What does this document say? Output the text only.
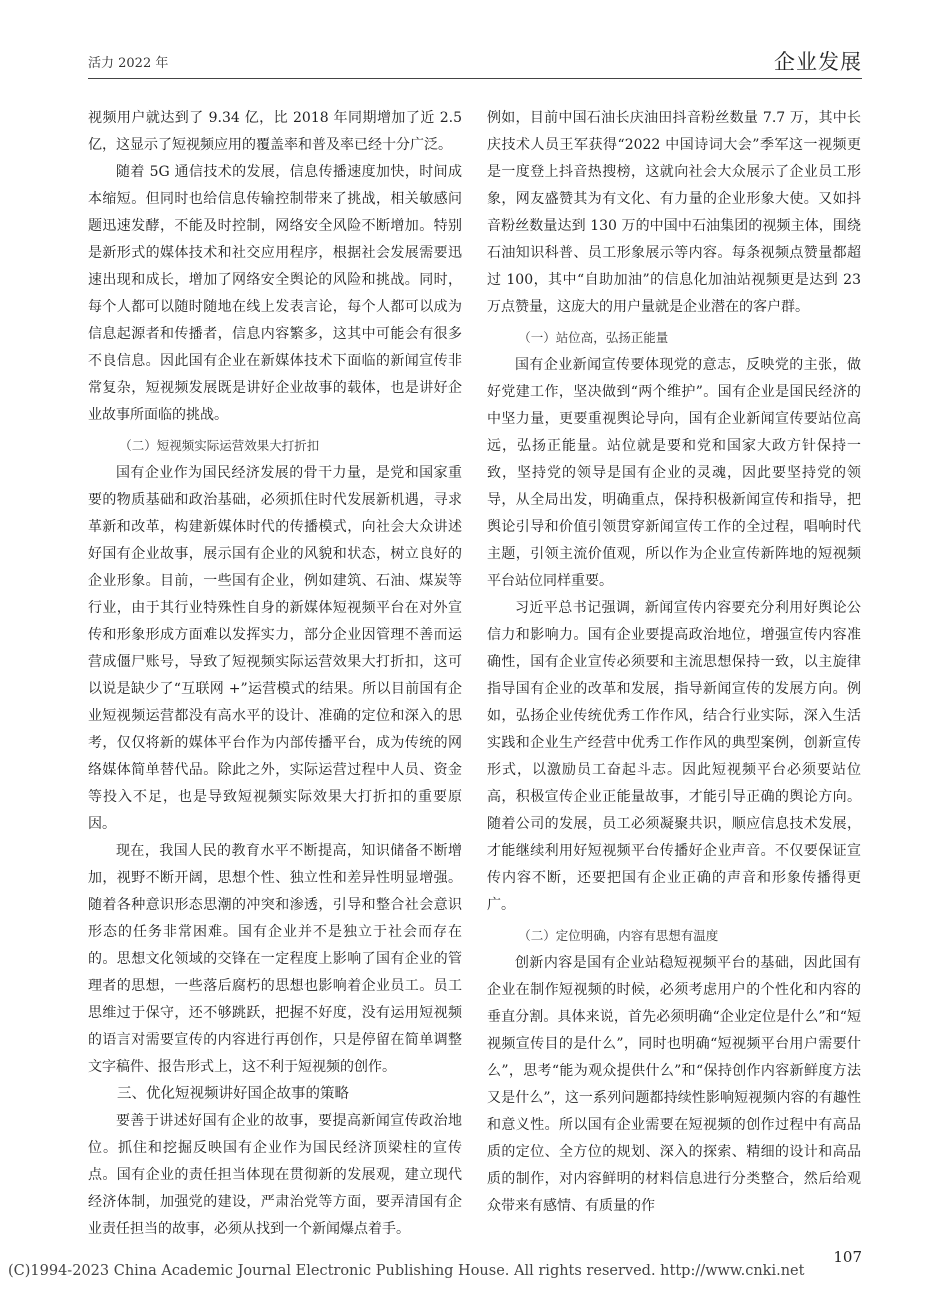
活力 2022 年	企业发展

视频用户就达到了 9.34 亿，比 2018 年同期增加了近 2.5 亿，这显示了短视频应用的覆盖率和普及率已经十分广泛。

随着 5G 通信技术的发展，信息传播速度加快，时间成本缩短。但同时也给信息传输控制带来了挑战，相关敏感问题迅速发酵，不能及时控制，网络安全风险不断增加。特别是新形式的媒体技术和社交应用程序，根据社会发展需要迅速出现和成长，增加了网络安全舆论的风险和挑战。同时，每个人都可以随时随地在线上发表言论，每个人都可以成为信息起源者和传播者，信息内容繁多，这其中可能会有很多不良信息。因此国有企业在新媒体技术下面临的新闻宣传非常复杂，短视频发展既是讲好企业故事的载体，也是讲好企业故事所面临的挑战。

（二）短视频实际运营效果大打折扣

国有企业作为国民经济发展的骨干力量，是党和国家重要的物质基础和政治基础，必须抓住时代发展新机遇，寻求革新和改革，构建新媒体时代的传播模式，向社会大众讲述好国有企业故事，展示国有企业的风貌和状态，树立良好的企业形象。目前，一些国有企业，例如建筑、石油、煤炭等行业，由于其行业特殊性自身的新媒体短视频平台在对外宣传和形象形成方面难以发挥实力，部分企业因管理不善而运营成僵尸账号，导致了短视频实际运营效果大打折扣，这可以说是缺少了“互联网 +”运营模式的结果。所以目前国有企业短视频运营都没有高水平的设计、准确的定位和深入的思考，仅仅将新的媒体平台作为内部传播平台，成为传统的网络媒体简单替代品。除此之外，实际运营过程中人员、资金等投入不足，也是导致短视频实际效果大打折扣的重要原因。

现在，我国人民的教育水平不断提高，知识储备不断增加，视野不断开阔，思想个性、独立性和差异性明显增强。随着各种意识形态思潮的冲突和渗透，引导和整合社会意识形态的任务非常困难。国有企业并不是独立于社会而存在的。思想文化领域的交锋在一定程度上影响了国有企业的管理者的思想，一些落后腐朽的思想也影响着企业员工。员工思维过于保守，还不够跳跃，把握不好度，没有运用短视频的语言对需要宣传的内容进行再创作，只是停留在简单调整文字稿件、报告形式上，这不利于短视频的创作。

三、优化短视频讲好国企故事的策略

要善于讲述好国有企业的故事，要提高新闻宣传政治地位。抓住和挖掘反映国有企业作为国民经济顶梁柱的宣传点。国有企业的责任担当体现在贯彻新的发展观，建立现代经济体制，加强党的建设，严肃治党等方面，要弄清国有企业责任担当的故事，必须从找到一个新闻爆点着手。

例如，目前中国石油长庆油田抖音粉丝数量 7.7 万，其中长庆技术人员王军获得“2022 中国诗词大会”季军这一视频更是一度登上抖音热搜榜，这就向社会大众展示了企业员工形象，网友盛赞其为有文化、有力量的企业形象大使。又如抖音粉丝数量达到 130 万的中国中石油集团的视频主体，围绕石油知识科普、员工形象展示等内容。每条视频点赞量都超过 100，其中“自助加油”的信息化加油站视频更是达到 23 万点赞量，这庞大的用户量就是企业潜在的客户群。

（一）站位高，弘扬正能量

国有企业新闻宣传要体现党的意志，反映党的主张，做好党建工作，坚决做到“两个维护”。国有企业是国民经济的中坚力量，更要重视舆论导向，国有企业新闻宣传要站位高远，弘扬正能量。站位就是要和党和国家大政方针保持一致，坚持党的领导是国有企业的灵魂，因此要坚持党的领导，从全局出发，明确重点，保持积极新闻宣传和指导，把舆论引导和价值引领贯穿新闻宣传工作的全过程，唱响时代主题，引领主流价值观，所以作为企业宣传新阵地的短视频平台站位同样重要。

习近平总书记强调，新闻宣传内容要充分利用好舆论公信力和影响力。国有企业要提高政治地位，增强宣传内容准确性，国有企业宣传必须要和主流思想保持一致，以主旋律指导国有企业的改革和发展，指导新闻宣传的发展方向。例如，弘扬企业传统优秀工作作风，结合行业实际，深入生活实践和企业生产经营中优秀工作作风的典型案例，创新宣传形式，以激励员工奋起斗志。因此短视频平台必须要站位高，积极宣传企业正能量故事，才能引导正确的舆论方向。随着公司的发展，员工必须凝聚共识，顺应信息技术发展，才能继续利用好短视频平台传播好企业声音。不仅要保证宣传内容不断，还要把国有企业正确的声音和形象传播得更广。

（二）定位明确，内容有思想有温度

创新内容是国有企业站稳短视频平台的基础，因此国有企业在制作短视频的时候，必须考虑用户的个性化和内容的垂直分割。具体来说，首先必须明确“企业定位是什么”和“短视频宣传目的是什么”，同时也明确“短视频平台用户需要什么”，思考“能为观众提供什么”和“保持创作内容新鲜度方法又是什么”，这一系列问题都持续性影响短视频内容的有趣性和意义性。所以国有企业需要在短视频的创作过程中有高品质的定位、全方位的规划、深入的探索、精细的设计和高品质的制作，对内容鲜明的材料信息进行分类整合，然后给观众带来有感情、有质量的作

107
(C)1994-2023 China Academic Journal Electronic Publishing House. All rights reserved. http://www.cnki.net
